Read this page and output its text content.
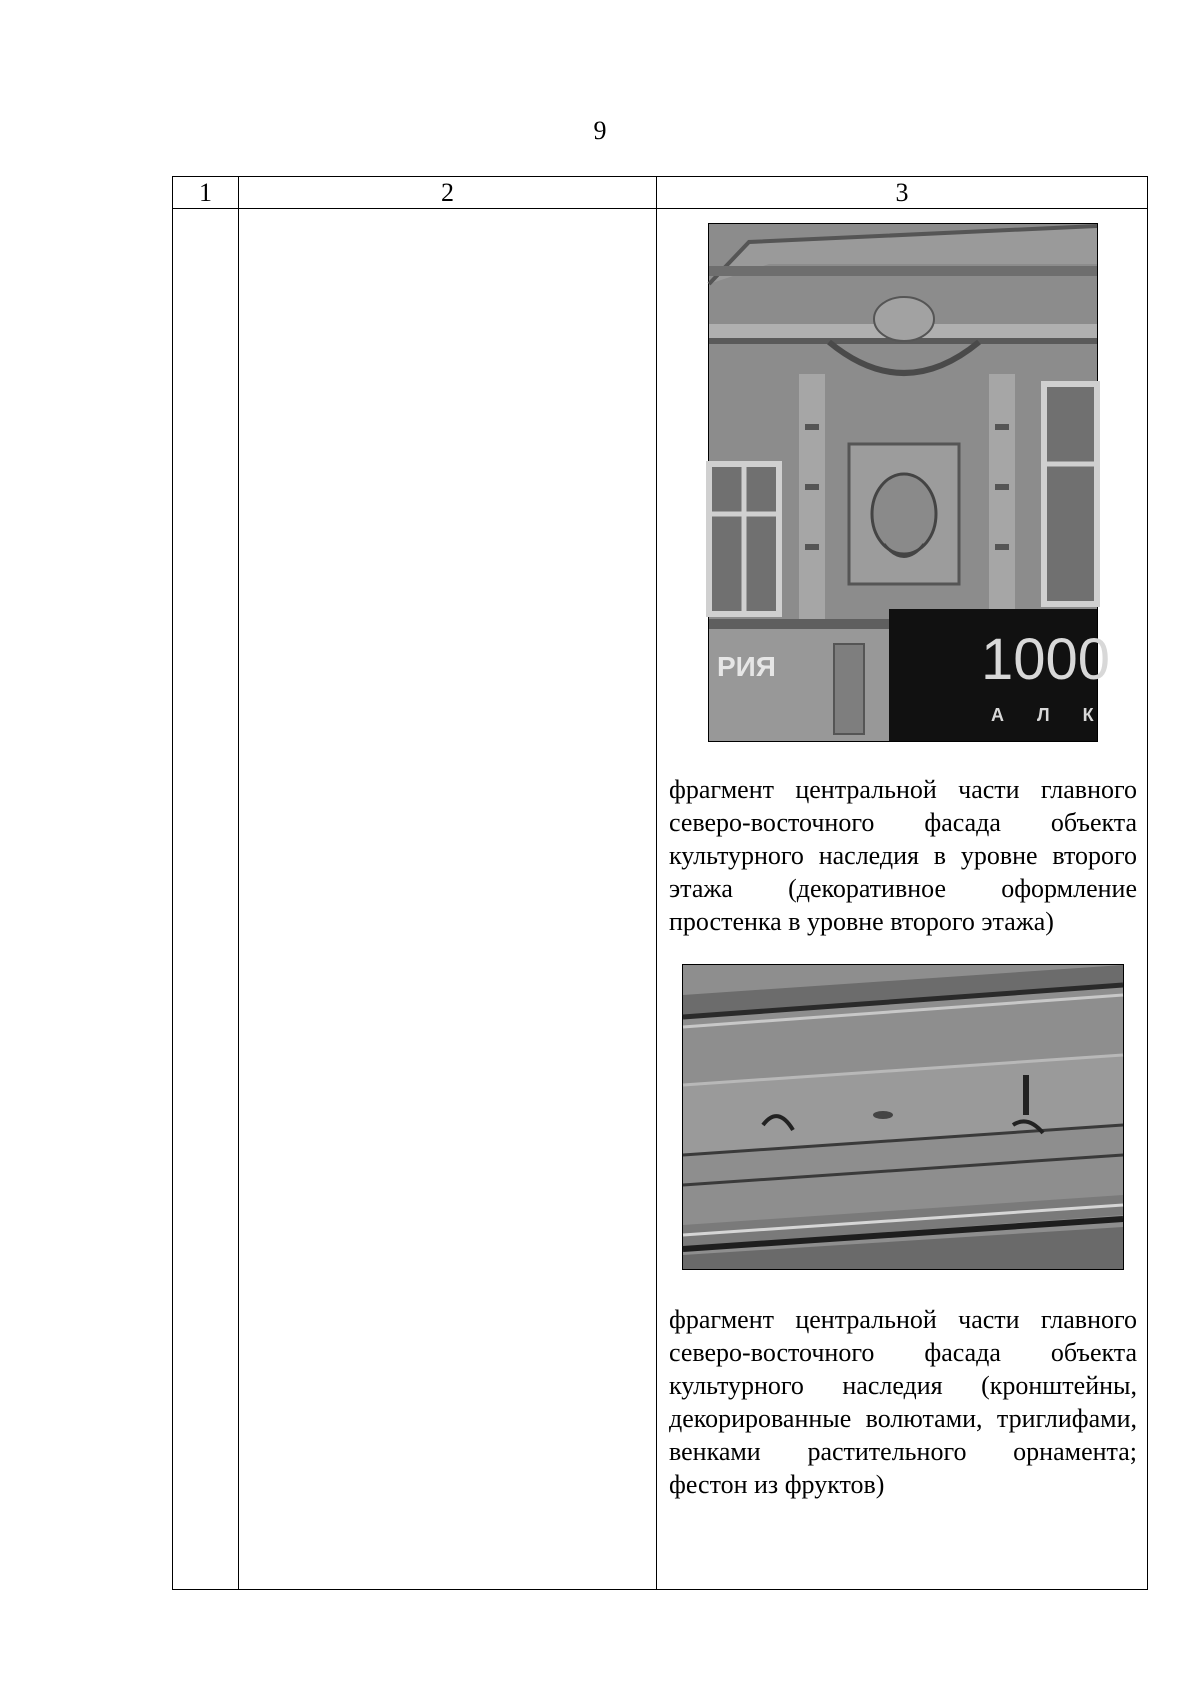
9
1	2	3

1000
А Л К
РИЯ

фрагмент центральной части главного северо-восточного фасада объекта культурного наследия в уровне второго этажа (декоративное оформление простенка в уровне второго этажа)

фрагмент центральной части главного северо-восточного фасада объекта культурного наследия (кронштейны, декорированные волютами, триглифами, венками растительного орнамента; фестон из фруктов)
